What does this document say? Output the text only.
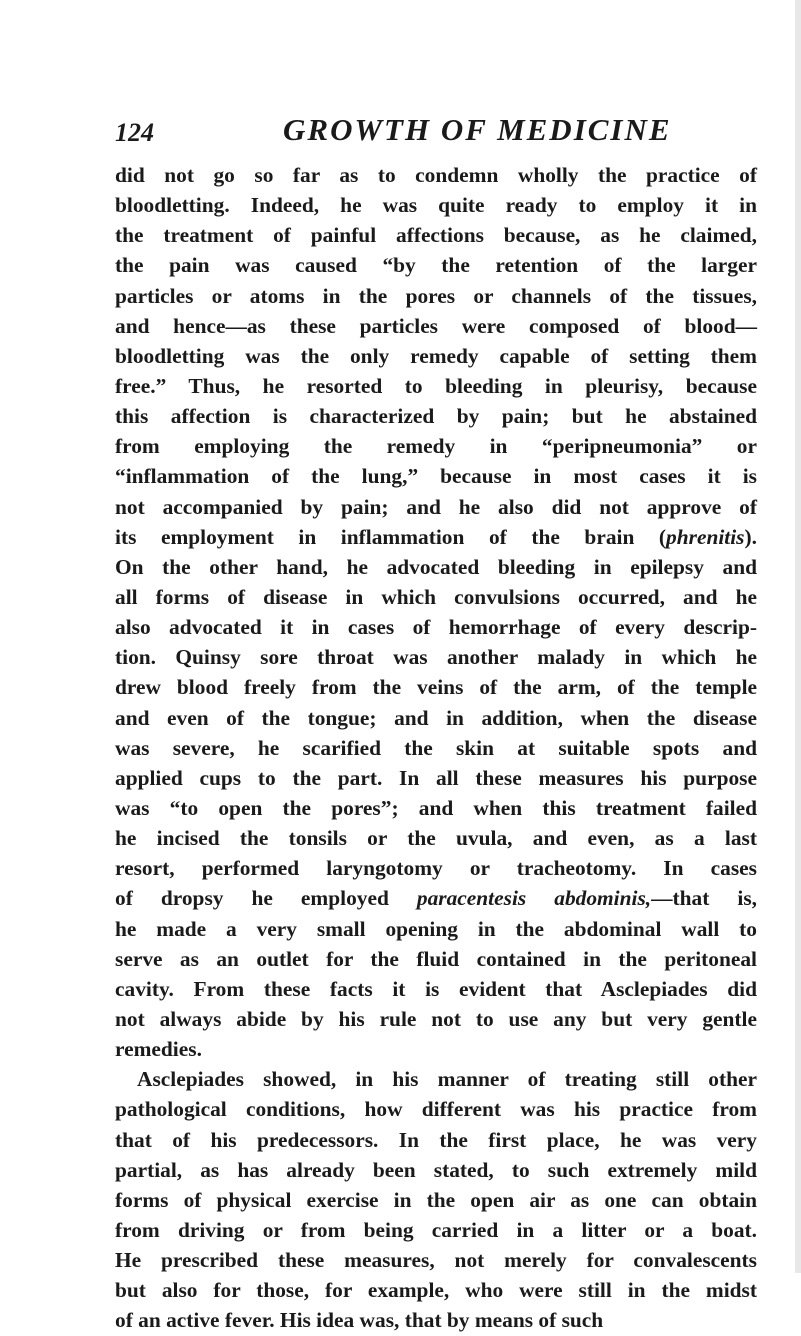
124	GROWTH OF MEDICINE
did not go so far as to condemn wholly the practice of
bloodletting. Indeed, he was quite ready to employ it in
the treatment of painful affections because, as he claimed,
the pain was caused “by the retention of the larger
particles or atoms in the pores or channels of the tissues,
and hence—as these particles were composed of blood—
bloodletting was the only remedy capable of setting them
free.” Thus, he resorted to bleeding in pleurisy, because
this affection is characterized by pain; but he abstained
from employing the remedy in “peripneumonia” or
“inflammation of the lung,” because in most cases it is
not accompanied by pain; and he also did not approve of
its employment in inflammation of the brain (phrenitis).
On the other hand, he advocated bleeding in epilepsy and
all forms of disease in which convulsions occurred, and he
also advocated it in cases of hemorrhage of every descrip-
tion. Quinsy sore throat was another malady in which he
drew blood freely from the veins of the arm, of the temple
and even of the tongue; and in addition, when the disease
was severe, he scarified the skin at suitable spots and
applied cups to the part. In all these measures his purpose
was “to open the pores”; and when this treatment failed
he incised the tonsils or the uvula, and even, as a last
resort, performed laryngotomy or tracheotomy. In cases
of dropsy he employed paracentesis abdominis,—that is,
he made a very small opening in the abdominal wall to
serve as an outlet for the fluid contained in the peritoneal
cavity. From these facts it is evident that Asclepiades did
not always abide by his rule not to use any but very gentle
remedies.
Asclepiades showed, in his manner of treating still other
pathological conditions, how different was his practice from
that of his predecessors. In the first place, he was very
partial, as has already been stated, to such extremely mild
forms of physical exercise in the open air as one can obtain
from driving or from being carried in a litter or a boat.
He prescribed these measures, not merely for convalescents
but also for those, for example, who were still in the midst
of an active fever. His idea was, that by means of such
